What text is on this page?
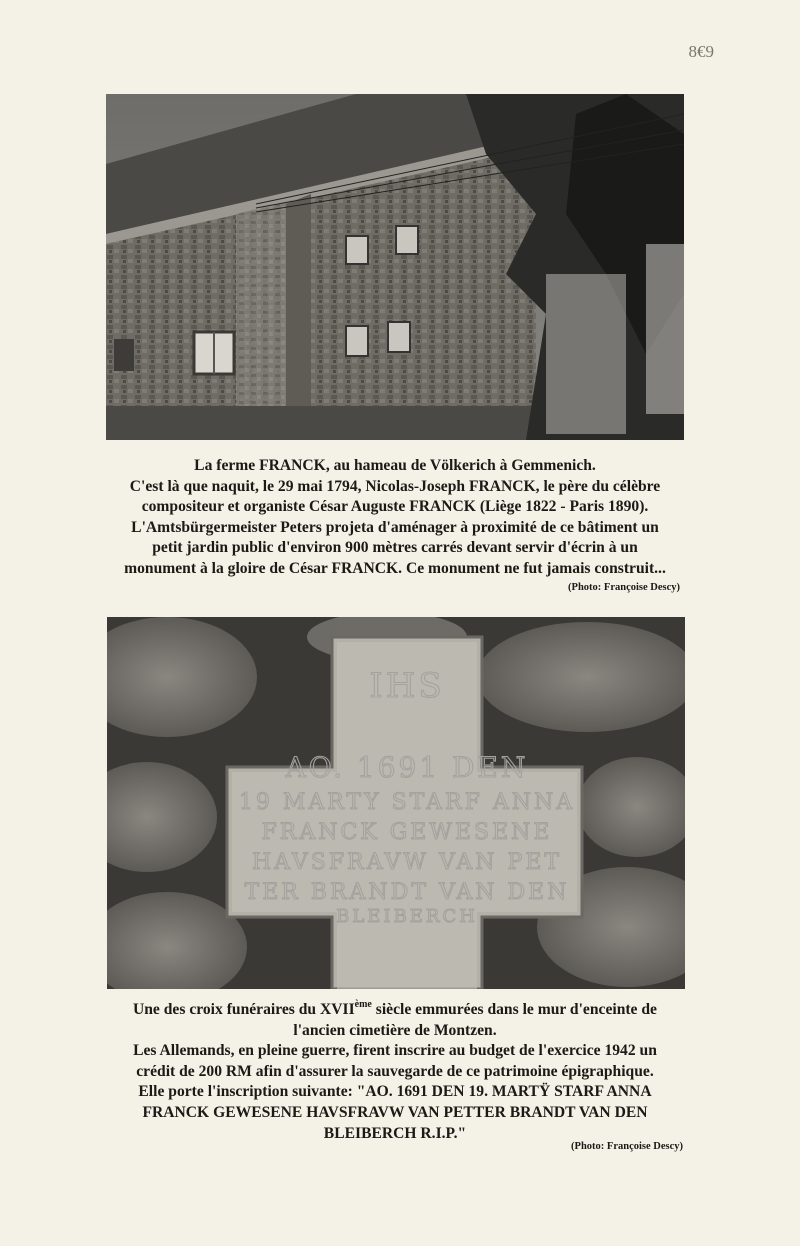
8€9
La ferme FRANCK, au hameau de Völkerich à Gemmenich.
C'est là que naquit, le 29 mai 1794, Nicolas-Joseph FRANCK, le père du célèbre
compositeur et organiste César Auguste FRANCK (Liège 1822 - Paris 1890).
L'Amtsbürgermeister Peters projeta d'aménager à proximité de ce bâtiment un
petit jardin public d'environ 900 mètres carrés devant servir d'écrin à un
monument à la gloire de César FRANCK. Ce monument ne fut jamais construit...
(Photo: Françoise Descy)
IHS
AO. 1691 DEN
19 MARTY STARF ANNA
FRANCK GEWESENE
HAVSFRAVW VAN PET
TER BRANDT VAN DEN
BLEIBERCH
Une des croix funéraires du XVIIème siècle emmurées dans le mur d'enceinte de
l'ancien cimetière de Montzen.
Les Allemands, en pleine guerre, firent inscrire au budget de l'exercice 1942 un
crédit de 200 RM afin d'assurer la sauvegarde de ce patrimoine épigraphique.
Elle porte l'inscription suivante: "AO. 1691 DEN 19. MARTŸ STARF ANNA
FRANCK GEWESENE HAVSFRAVW VAN PETTER BRANDT VAN DEN
BLEIBERCH R.I.P."
(Photo: Françoise Descy)
